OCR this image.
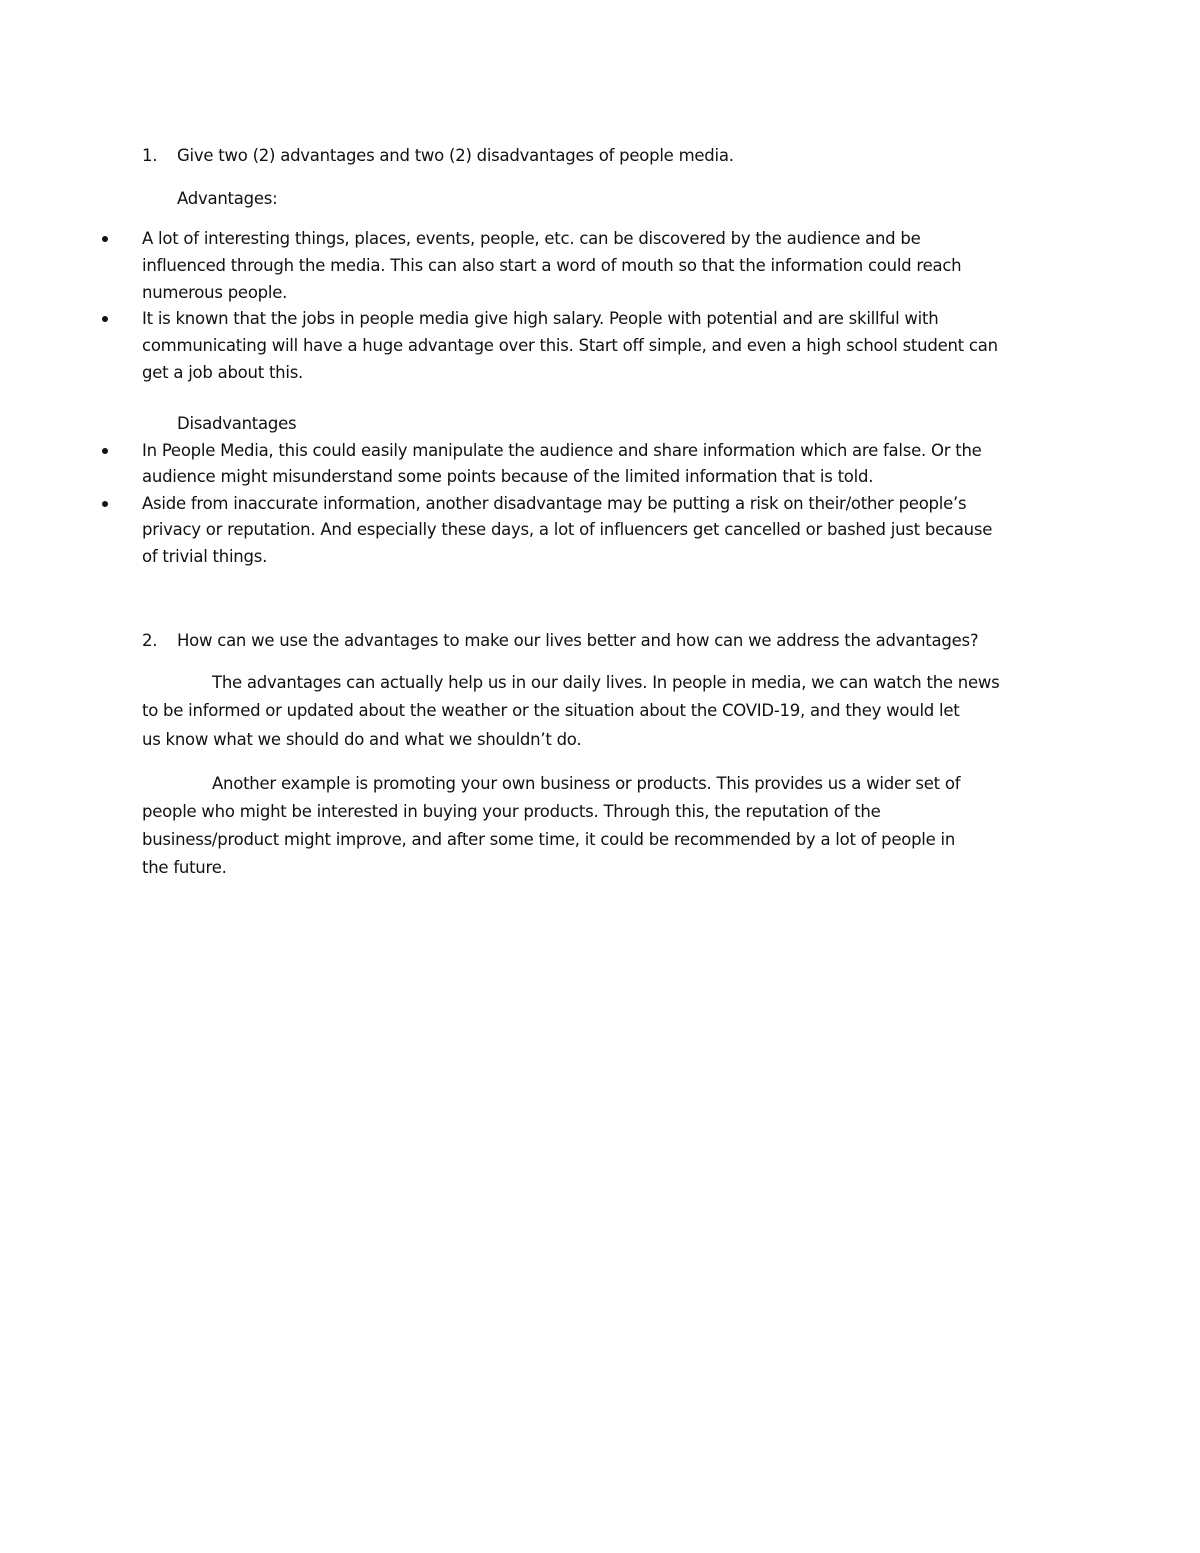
1. Give two (2) advantages and two (2) disadvantages of people media.
Advantages:
A lot of interesting things, places, events, people, etc. can be discovered by the audience and be
influenced through the media. This can also start a word of mouth so that the information could reach
numerous people.
It is known that the jobs in people media give high salary. People with potential and are skillful with
communicating will have a huge advantage over this. Start off simple, and even a high school student can
get a job about this.
Disadvantages
In People Media, this could easily manipulate the audience and share information which are false. Or the
audience might misunderstand some points because of the limited information that is told.
Aside from inaccurate information, another disadvantage may be putting a risk on their/other people’s
privacy or reputation. And especially these days, a lot of influencers get cancelled or bashed just because
of trivial things.
2. How can we use the advantages to make our lives better and how can we address the advantages?
The advantages can actually help us in our daily lives. In people in media, we can watch the news
to be informed or updated about the weather or the situation about the COVID-19, and they would let
us know what we should do and what we shouldn’t do.
Another example is promoting your own business or products. This provides us a wider set of
people who might be interested in buying your products. Through this, the reputation of the
business/product might improve, and after some time, it could be recommended by a lot of people in
the future.
